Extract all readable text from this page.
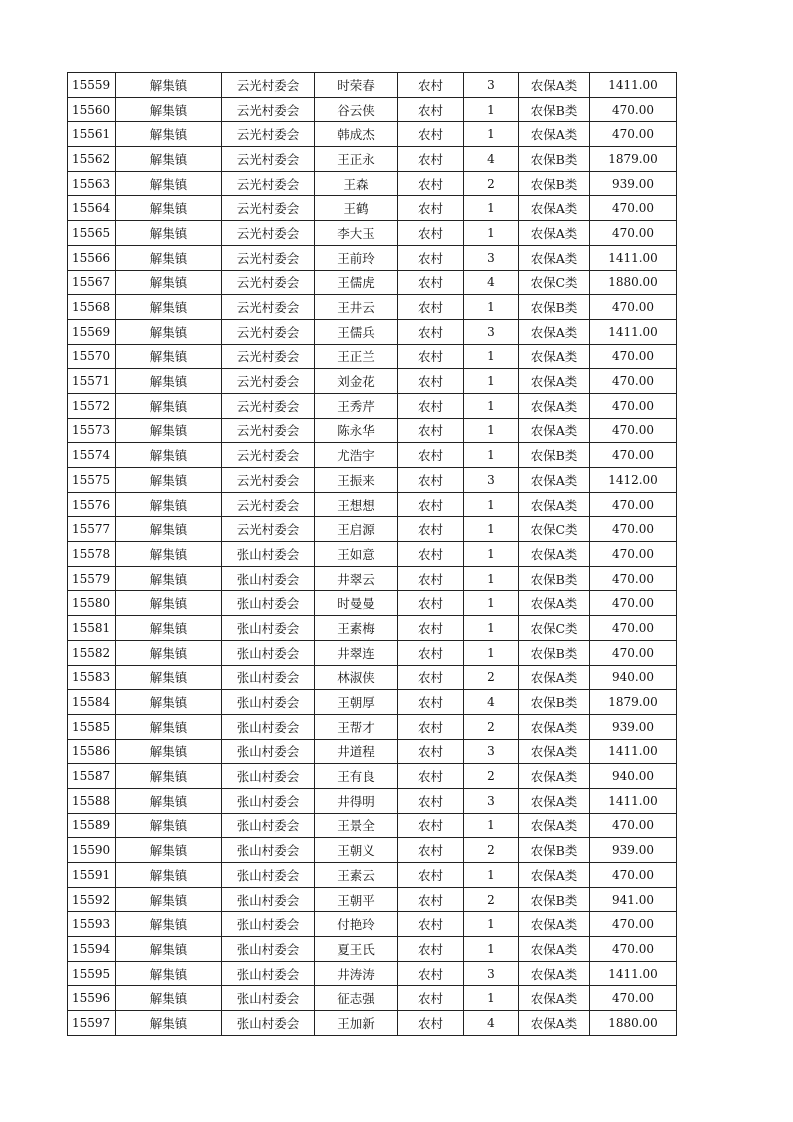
15559	解集镇	云光村委会	时荣春	农村	3	农保A类	1411.00
15560	解集镇	云光村委会	谷云侠	农村	1	农保B类	470.00
15561	解集镇	云光村委会	韩成杰	农村	1	农保A类	470.00
15562	解集镇	云光村委会	王正永	农村	4	农保B类	1879.00
15563	解集镇	云光村委会	王森	农村	2	农保B类	939.00
15564	解集镇	云光村委会	王鹤	农村	1	农保A类	470.00
15565	解集镇	云光村委会	李大玉	农村	1	农保A类	470.00
15566	解集镇	云光村委会	王前玲	农村	3	农保A类	1411.00
15567	解集镇	云光村委会	王儒虎	农村	4	农保C类	1880.00
15568	解集镇	云光村委会	王井云	农村	1	农保B类	470.00
15569	解集镇	云光村委会	王儒兵	农村	3	农保A类	1411.00
15570	解集镇	云光村委会	王正兰	农村	1	农保A类	470.00
15571	解集镇	云光村委会	刘金花	农村	1	农保A类	470.00
15572	解集镇	云光村委会	王秀芹	农村	1	农保A类	470.00
15573	解集镇	云光村委会	陈永华	农村	1	农保A类	470.00
15574	解集镇	云光村委会	尤浩宇	农村	1	农保B类	470.00
15575	解集镇	云光村委会	王振来	农村	3	农保A类	1412.00
15576	解集镇	云光村委会	王想想	农村	1	农保A类	470.00
15577	解集镇	云光村委会	王启源	农村	1	农保C类	470.00
15578	解集镇	张山村委会	王如意	农村	1	农保A类	470.00
15579	解集镇	张山村委会	井翠云	农村	1	农保B类	470.00
15580	解集镇	张山村委会	时曼曼	农村	1	农保A类	470.00
15581	解集镇	张山村委会	王素梅	农村	1	农保C类	470.00
15582	解集镇	张山村委会	井翠连	农村	1	农保B类	470.00
15583	解集镇	张山村委会	林淑侠	农村	2	农保A类	940.00
15584	解集镇	张山村委会	王朝厚	农村	4	农保B类	1879.00
15585	解集镇	张山村委会	王帮才	农村	2	农保A类	939.00
15586	解集镇	张山村委会	井道程	农村	3	农保A类	1411.00
15587	解集镇	张山村委会	王有良	农村	2	农保A类	940.00
15588	解集镇	张山村委会	井得明	农村	3	农保A类	1411.00
15589	解集镇	张山村委会	王景全	农村	1	农保A类	470.00
15590	解集镇	张山村委会	王朝义	农村	2	农保B类	939.00
15591	解集镇	张山村委会	王素云	农村	1	农保A类	470.00
15592	解集镇	张山村委会	王朝平	农村	2	农保B类	941.00
15593	解集镇	张山村委会	付艳玲	农村	1	农保A类	470.00
15594	解集镇	张山村委会	夏王氏	农村	1	农保A类	470.00
15595	解集镇	张山村委会	井涛涛	农村	3	农保A类	1411.00
15596	解集镇	张山村委会	征志强	农村	1	农保A类	470.00
15597	解集镇	张山村委会	王加新	农村	4	农保A类	1880.00
